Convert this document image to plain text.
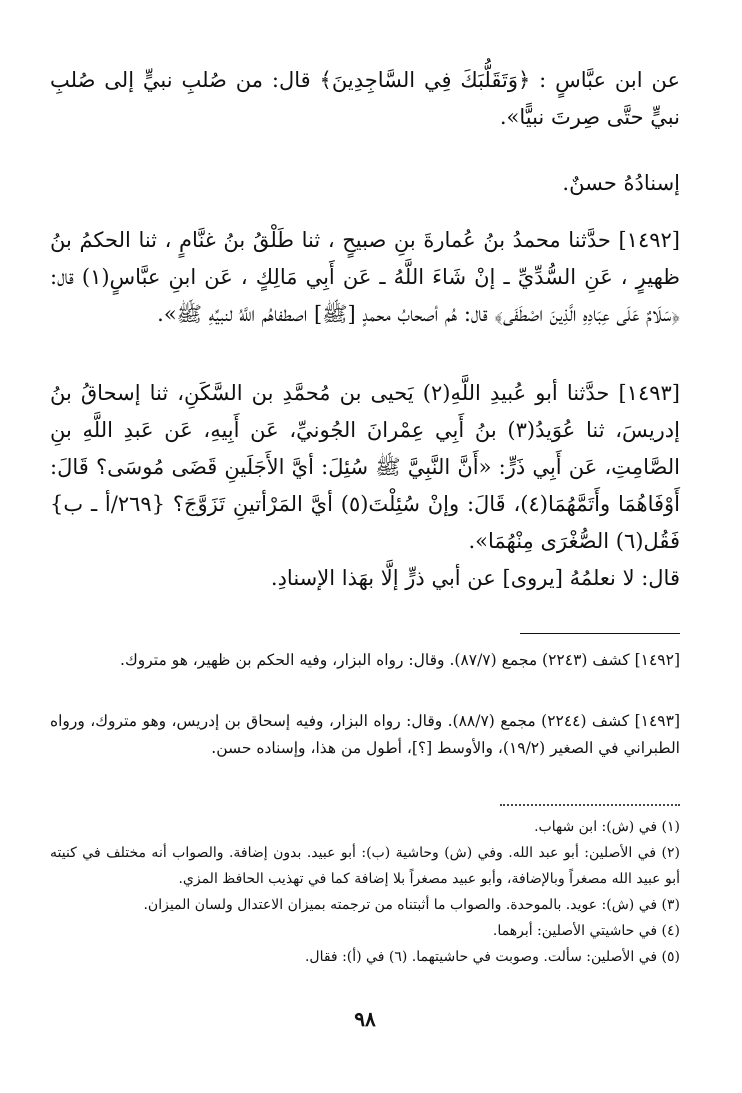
عن ابن عبَّاسٍ : ﴿وَتَقَلُّبَكَ فِي السَّاجِدِينَ﴾ قال: من صُلبِ نبيٍّ إلى صُلبِ نبيٍّ حتَّى صِرتَ نبيًّا».

إسنادُهُ حسنٌ.

[١٤٩٢] حدَّثنا محمدُ بنُ عُمارةَ بنِ صبيحٍ ، ثنا طَلْقُ بنُ غنَّامٍ ، ثنا الحكمُ بنُ ظهيرٍ ، عَنِ السُّدِّيِّ ـ إنْ شَاءَ اللَّهُ ـ عَن أَبِي مَالِكٍ ، عَن ابنِ عبَّاسٍ(١) قال: ﴿سَلَامٌ عَلَى عِبَادِهِ الَّذِينَ اصْطَفَى﴾ قال: هُم أصحابُ محمدٍ [ﷺ] اصطفاهُم اللَّهُ لنبيِّهِ ﷺ».

[١٤٩٣] حدَّثنا أبو عُبيدِ اللَّهِ(٢) يَحيى بن مُحمَّدِ بن السَّكَنِ، ثنا إسحاقُ بنُ إدريسَ، ثنا عُوَيدُ(٣) بنُ أَبِي عِمْرانَ الجُونيِّ، عَن أَبِيهِ، عَن عَبدِ اللَّهِ بنِ الصَّامِتِ، عَن أَبِي ذَرٍّ: «أَنَّ النَّبِيَّ ﷺ سُئِلَ: أيَّ الأَجَلَينِ قَضَى مُوسَى؟ قَالَ: أَوْفَاهُمَا وأَتَمَّهُمَا(٤)، قَالَ: وإنْ سُئِلْتَ(٥) أيَّ المَرْأتينِ تَزَوَّجَ؟ {٢٦٩/أ ـ ب} فَقُل(٦) الصُّغْرَى مِنْهُمَا».

قال: لا نعلمُهُ [يروى] عن أبي ذرٍّ إلَّا بهَذا الإسنادِ.

[١٤٩٢] كشف (٢٢٤٣) مجمع (٨٧/٧). وقال: رواه البزار، وفيه الحكم بن ظهير، هو متروك.

[١٤٩٣] كشف (٢٢٤٤) مجمع (٨٨/٧). وقال: رواه البزار، وفيه إسحاق بن إدريس، وهو متروك، ورواه الطبراني في الصغير (١٩/٢)، والأوسط [؟]، أطول من هذا، وإسناده حسن.

(١) في (ش): ابن شهاب.

(٢) في الأصلين: أبو عبد الله. وفي (ش) وحاشية (ب): أبو عبيد. بدون إضافة. والصواب أنه مختلف في كنيته أبو عبيد الله مصغراً وبالإضافة، وأبو عبيد مصغراً بلا إضافة كما في تهذيب الحافظ المزي.

(٣) في (ش): عويد. بالموحدة. والصواب ما أثبتناه من ترجمته بميزان الاعتدال ولسان الميزان.

(٤) في حاشيتي الأصلين: أبرهما.

(٥) في الأصلين: سألت. وصوبت في حاشيتهما. (٦) في (أ): فقال.

٩٨
